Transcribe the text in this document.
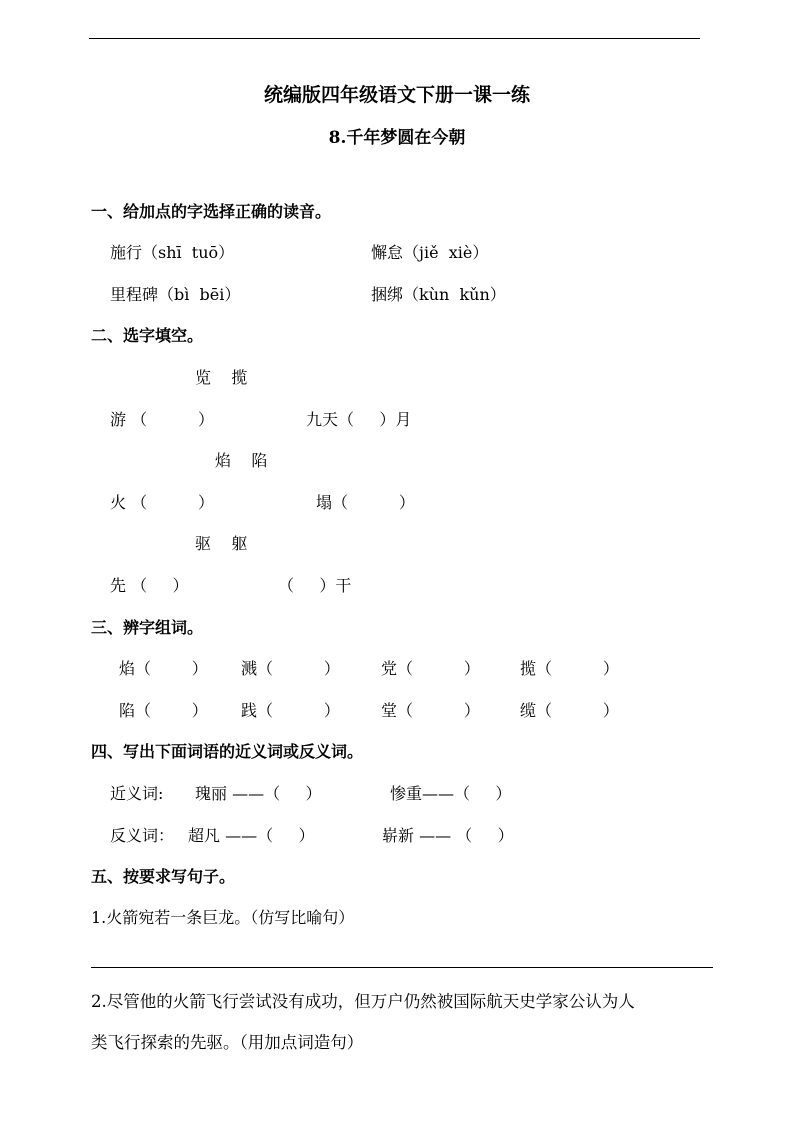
统编版四年级语文下册一课一练
8.千年梦圆在今朝
一、给加点的字选择正确的读音。
施行（shī  tuō）	懈怠（jiě  xiè）
里程碑（bì  bēi）	捆绑（kùn  kǔn）
二、选字填空。
览    揽
游 （          ）	九天（     ）月
焰    陷
火 （          ）	塌（          ）
驱    躯
先 （     ）	（     ）干
三、辨字组词。
焰（        ） 溅（          ）	党（          ）	揽（          ）
陷（        ） 践（          ）	堂（          ）	缆（          ）
四、写出下面词语的近义词或反义词。
近义词: 瑰丽 ——（     ）	惨重——（     ）
反义词： 超凡 ——（     ）	崭新 —— （     ）
五、按要求写句子。
1.火箭宛若一条巨龙。（仿写比喻句）
2.尽管他的火箭飞行尝试没有成功，但万户仍然被国际航天史学家公认为人
类飞行探索的先驱。（用加点词造句）
